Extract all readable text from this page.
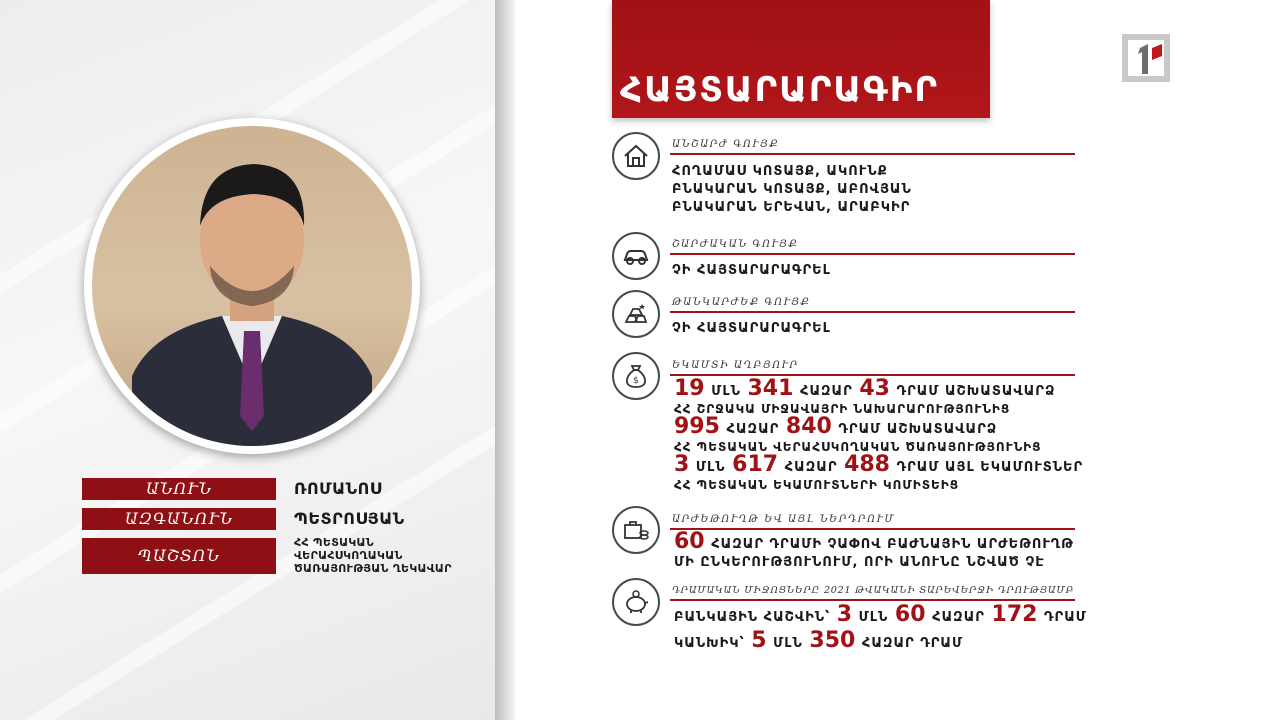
ԱՆՈՒՆ	ՌՈՄԱՆՈՍ
ԱԶԳԱՆՈՒՆ	ՊԵՏՐՈՍՅԱՆ
ՊԱՇՏՈՆ
ՀՀ ՊԵՏԱԿԱՆ
ՎԵՐԱՀՍԿՈՂԱԿԱՆ
ԾԱՌԱՅՈՒԹՅԱՆ ՂԵԿԱՎԱՐ
ՀԱՅՏԱՐԱՐԱԳԻՐ
ԱՆՇԱՐԺ ԳՈՒՅՔ
ՀՈՂԱՄԱՍ ԿՈՏԱՅՔ, ԱԿՈՒՆՔ
ԲՆԱԿԱՐԱՆ ԿՈՏԱՅՔ, ԱԲՈՎՅԱՆ
ԲՆԱԿԱՐԱՆ ԵՐԵՎԱՆ, ԱՐԱԲԿԻՐ
ՇԱՐԺԱԿԱՆ ԳՈՒՅՔ
ՉԻ ՀԱՅՏԱՐԱՐԱԳՐԵԼ
ԹԱՆԿԱՐԺԵՔ ԳՈՒՅՔ
ՉԻ ՀԱՅՏԱՐԱՐԱԳՐԵԼ
$
ԵԿԱՄՏԻ ԱՂԲՅՈՒՐ
19 ՄԼՆ 341 ՀԱԶԱՐ 43 ԴՐԱՄ ԱՇԽԱՏԱՎԱՐՁ
ՀՀ ՇՐՋԱԿԱ ՄԻՋԱՎԱՅՐԻ ՆԱԽԱՐԱՐՈՒԹՅՈՒՆԻՑ
995 ՀԱԶԱՐ 840 ԴՐԱՄ ԱՇԽԱՏԱՎԱՐՁ
ՀՀ ՊԵՏԱԿԱՆ ՎԵՐԱՀՍԿՈՂԱԿԱՆ ԾԱՌԱՅՈՒԹՅՈՒՆԻՑ
3 ՄԼՆ 617 ՀԱԶԱՐ 488 ԴՐԱՄ ԱՅԼ ԵԿԱՄՈՒՏՆԵՐ
ՀՀ ՊԵՏԱԿԱՆ ԵԿԱՄՈՒՏՆԵՐԻ ԿՈՄԻՏԵԻՑ
ԱՐԺԵԹՈՒՂԹ ԵՎ ԱՅԼ ՆԵՐԴՐՈՒՄ
60 ՀԱԶԱՐ ԴՐԱՄԻ ՉԱՓՈՎ ԲԱԺՆԱՅԻՆ ԱՐԺԵԹՈՒՂԹ
ՄԻ ԸՆԿԵՐՈՒԹՅՈՒՆՈՒՄ, ՈՐԻ ԱՆՈՒՆԸ ՆՇՎԱԾ ՉԷ
ԴՐԱՄԱԿԱՆ ՄԻՋՈՑՆԵՐԸ 2021 ԹՎԱԿԱՆԻ ՏԱՐԵՎԵՐՋԻ ԴՐՈՒԹՅԱՄԲ
ԲԱՆԿԱՅԻՆ ՀԱՇՎԻՆ՝ 3 ՄԼՆ 60 ՀԱԶԱՐ 172 ԴՐԱՄ
ԿԱՆԽԻԿ՝ 5 ՄԼՆ 350 ՀԱԶԱՐ ԴՐԱՄ
